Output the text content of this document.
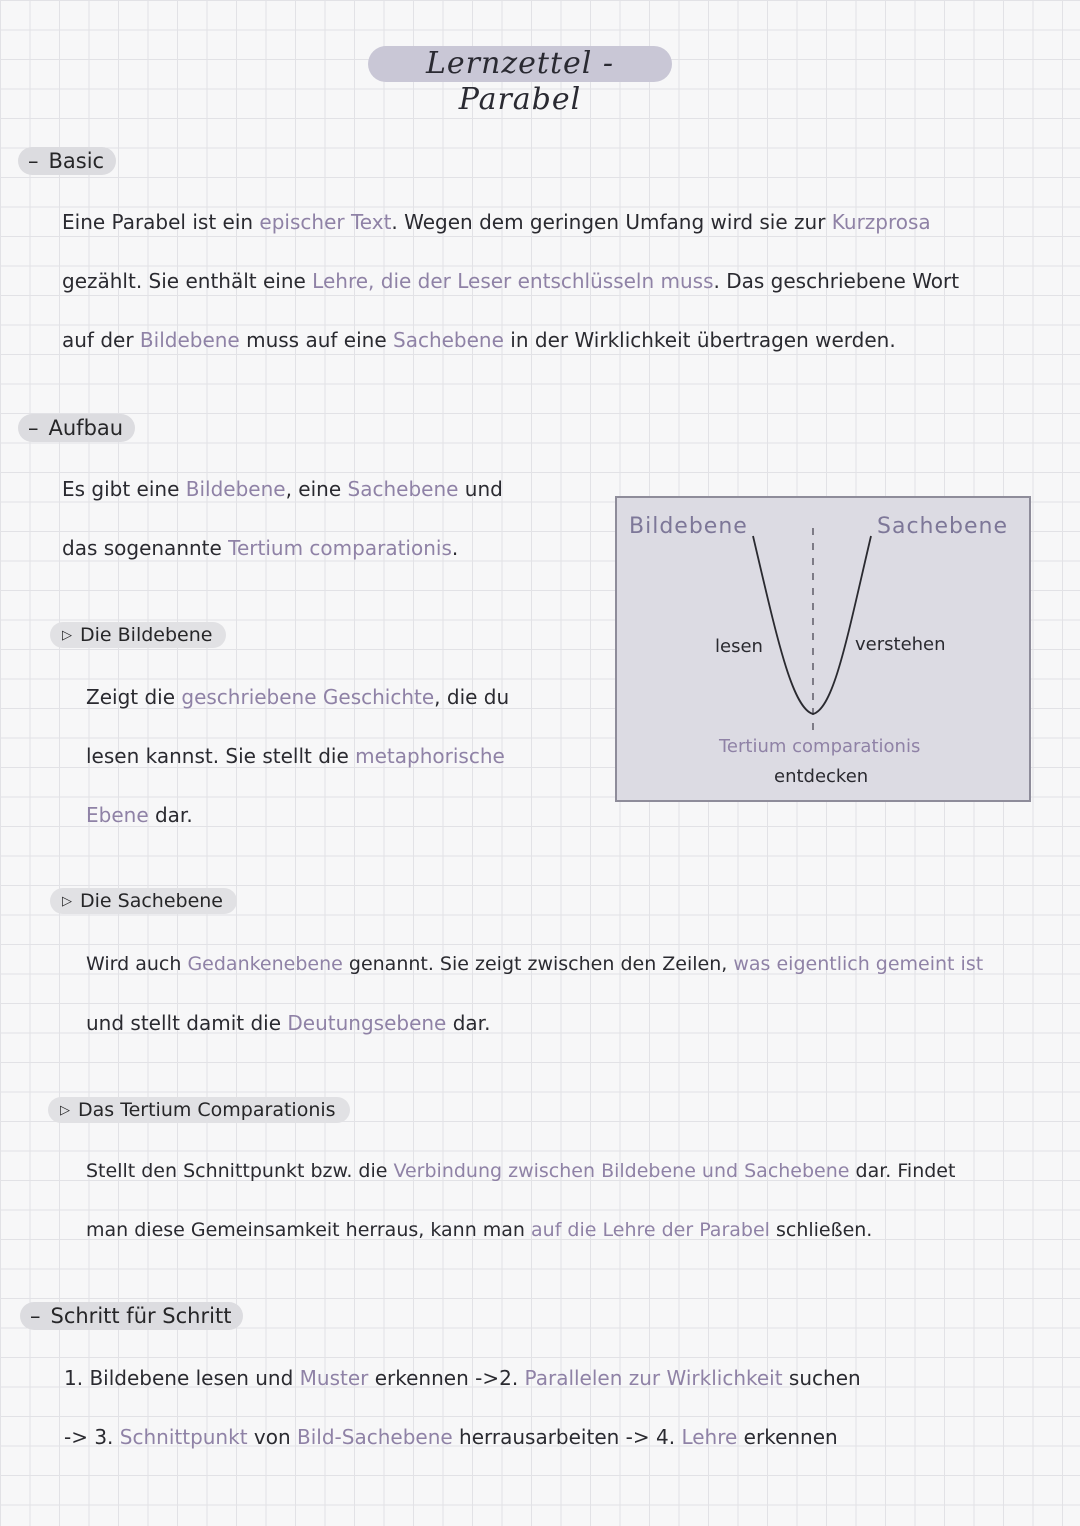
Lernzettel - Parabel
– Basic
Eine Parabel ist ein epischer Text. Wegen dem geringen Umfang wird sie zur Kurzprosa
gezählt. Sie enthält eine Lehre, die der Leser entschlüsseln muss. Das geschriebene Wort
auf der Bildebene muss auf eine Sachebene in der Wirklichkeit übertragen werden.
– Aufbau
Es gibt eine Bildebene, eine Sachebene und
das sogenannte Tertium comparationis.
Bildebene	Sachebene
lesen	verstehen
Tertium comparationis
entdecken
▷ Die Bildebene
Zeigt die geschriebene Geschichte, die du
lesen kannst. Sie stellt die metaphorische
Ebene dar.
▷ Die Sachebene
Wird auch Gedankenebene genannt. Sie zeigt zwischen den Zeilen, was eigentlich gemeint ist
und stellt damit die Deutungsebene dar.
▷ Das Tertium Comparationis
Stellt den Schnittpunkt bzw. die Verbindung zwischen Bildebene und Sachebene dar. Findet
man diese Gemeinsamkeit herraus, kann man auf die Lehre der Parabel schließen.
– Schritt für Schritt
1. Bildebene lesen und Muster erkennen ->2. Parallelen zur Wirklichkeit suchen
-> 3. Schnittpunkt von Bild-Sachebene herrausarbeiten -> 4. Lehre erkennen
